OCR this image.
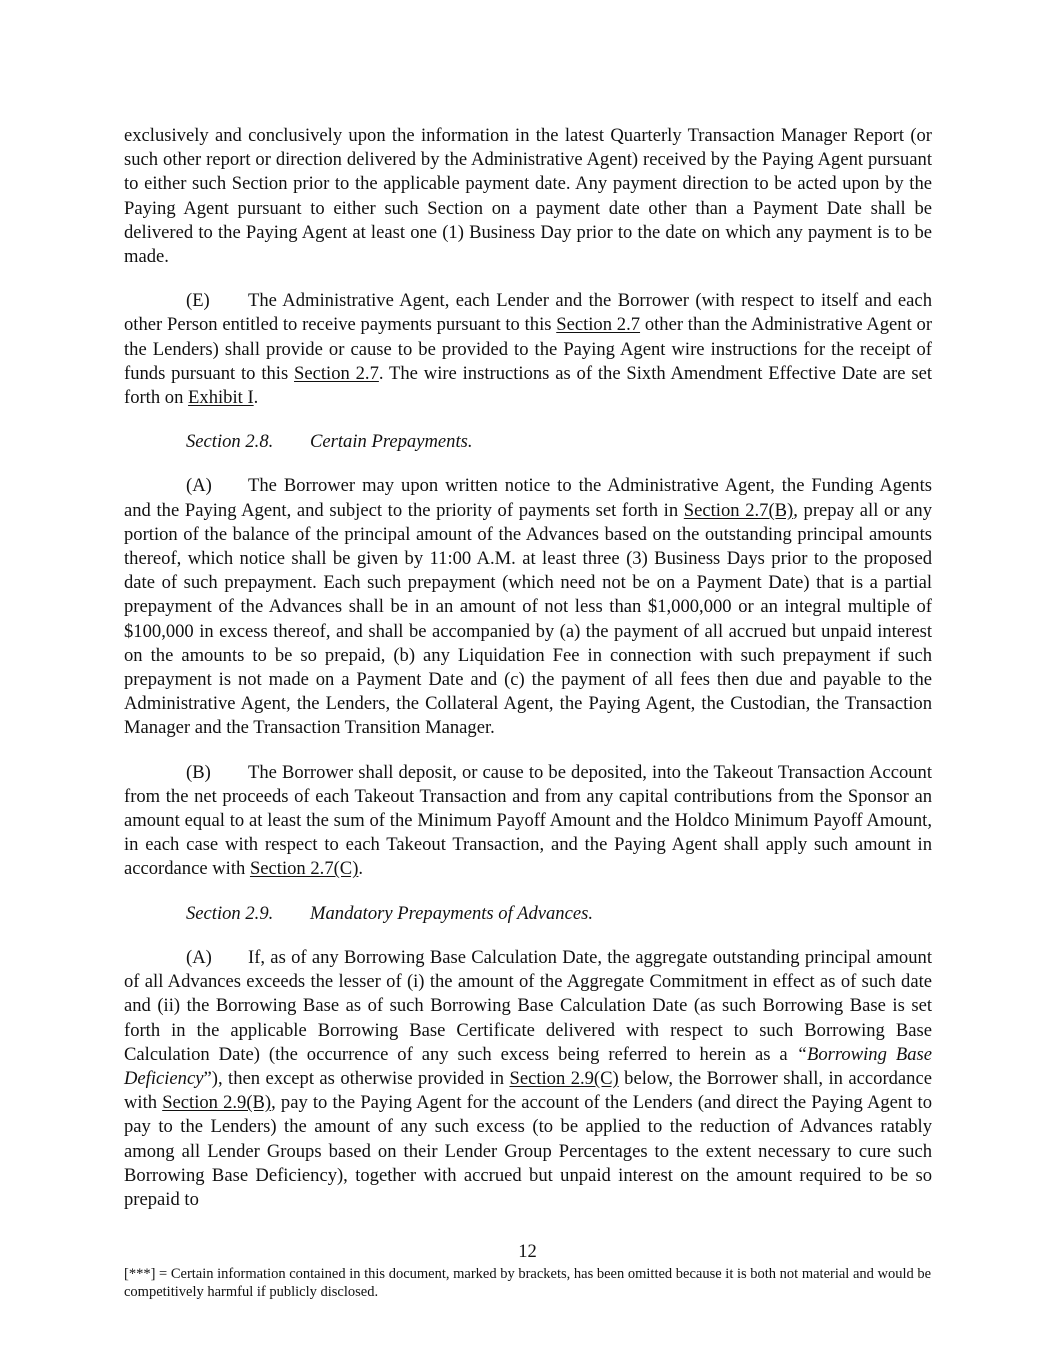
exclusively and conclusively upon the information in the latest Quarterly Transaction Manager Report (or such other report or direction delivered by the Administrative Agent) received by the Paying Agent pursuant to either such Section prior to the applicable payment date. Any payment direction to be acted upon by the Paying Agent pursuant to either such Section on a payment date other than a Payment Date shall be delivered to the Paying Agent at least one (1) Business Day prior to the date on which any payment is to be made.

(E) The Administrative Agent, each Lender and the Borrower (with respect to itself and each other Person entitled to receive payments pursuant to this Section 2.7 other than the Administrative Agent or the Lenders) shall provide or cause to be provided to the Paying Agent wire instructions for the receipt of funds pursuant to this Section 2.7. The wire instructions as of the Sixth Amendment Effective Date are set forth on Exhibit I.

Section 2.8. Certain Prepayments.

(A) The Borrower may upon written notice to the Administrative Agent, the Funding Agents and the Paying Agent, and subject to the priority of payments set forth in Section 2.7(B), prepay all or any portion of the balance of the principal amount of the Advances based on the outstanding principal amounts thereof, which notice shall be given by 11:00 A.M. at least three (3) Business Days prior to the proposed date of such prepayment. Each such prepayment (which need not be on a Payment Date) that is a partial prepayment of the Advances shall be in an amount of not less than $1,000,000 or an integral multiple of $100,000 in excess thereof, and shall be accompanied by (a) the payment of all accrued but unpaid interest on the amounts to be so prepaid, (b) any Liquidation Fee in connection with such prepayment if such prepayment is not made on a Payment Date and (c) the payment of all fees then due and payable to the Administrative Agent, the Lenders, the Collateral Agent, the Paying Agent, the Custodian, the Transaction Manager and the Transaction Transition Manager.

(B) The Borrower shall deposit, or cause to be deposited, into the Takeout Transaction Account from the net proceeds of each Takeout Transaction and from any capital contributions from the Sponsor an amount equal to at least the sum of the Minimum Payoff Amount and the Holdco Minimum Payoff Amount, in each case with respect to each Takeout Transaction, and the Paying Agent shall apply such amount in accordance with Section 2.7(C).

Section 2.9. Mandatory Prepayments of Advances.

(A) If, as of any Borrowing Base Calculation Date, the aggregate outstanding principal amount of all Advances exceeds the lesser of (i) the amount of the Aggregate Commitment in effect as of such date and (ii) the Borrowing Base as of such Borrowing Base Calculation Date (as such Borrowing Base is set forth in the applicable Borrowing Base Certificate delivered with respect to such Borrowing Base Calculation Date) (the occurrence of any such excess being referred to herein as a “Borrowing Base Deficiency”), then except as otherwise provided in Section 2.9(C) below, the Borrower shall, in accordance with Section 2.9(B), pay to the Paying Agent for the account of the Lenders (and direct the Paying Agent to pay to the Lenders) the amount of any such excess (to be applied to the reduction of Advances ratably among all Lender Groups based on their Lender Group Percentages to the extent necessary to cure such Borrowing Base Deficiency), together with accrued but unpaid interest on the amount required to be so prepaid to

12
[***] = Certain information contained in this document, marked by brackets, has been omitted because it is both not material and would be competitively harmful if publicly disclosed.
